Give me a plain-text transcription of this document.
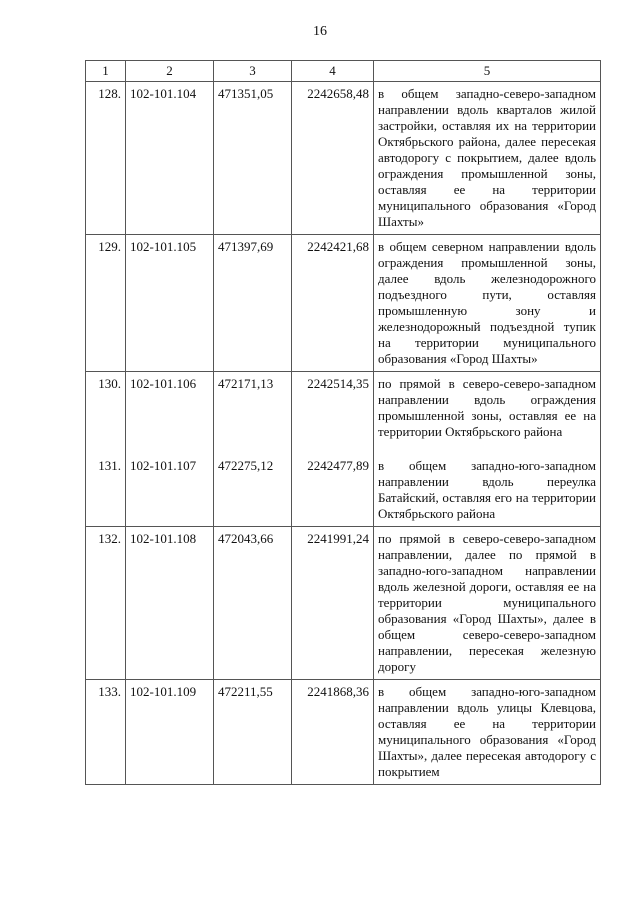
16
1	2	3	4	5
128.	102-101.104	471351,05	2242658,48	в общем западно-северо-западном направлении вдоль кварталов жилой застройки, оставляя их на территории Октябрьского района, далее пересекая автодорогу с покрытием, далее вдоль ограждения промышленной зоны, оставляя ее на территории муниципального образования «Город Шахты»
129.	102-101.105	471397,69	2242421,68	в общем северном направлении вдоль ограждения промышленной зоны, далее вдоль железнодорожного подъездного пути, оставляя промышленную зону и железнодорожный подъездной тупик на территории муниципального образования «Город Шахты»
130.	102-101.106	472171,13	2242514,35	по прямой в северо-северо-западном направлении вдоль ограждения промышленной зоны, оставляя ее на территории Октябрьского района
131.	102-101.107	472275,12	2242477,89	в общем западно-юго-западном направлении вдоль переулка Батайский, оставляя его на территории Октябрьского района
132.	102-101.108	472043,66	2241991,24	по прямой в северо-северо-западном направлении, далее по прямой в западно-юго-западном направлении вдоль железной дороги, оставляя ее на территории муниципального образования «Город Шахты», далее в общем северо-северо-западном направлении, пересекая железную дорогу
133.	102-101.109	472211,55	2241868,36	в общем западно-юго-западном направлении вдоль улицы Клевцова, оставляя ее на территории муниципального образования «Город Шахты», далее пересекая автодорогу с покрытием
